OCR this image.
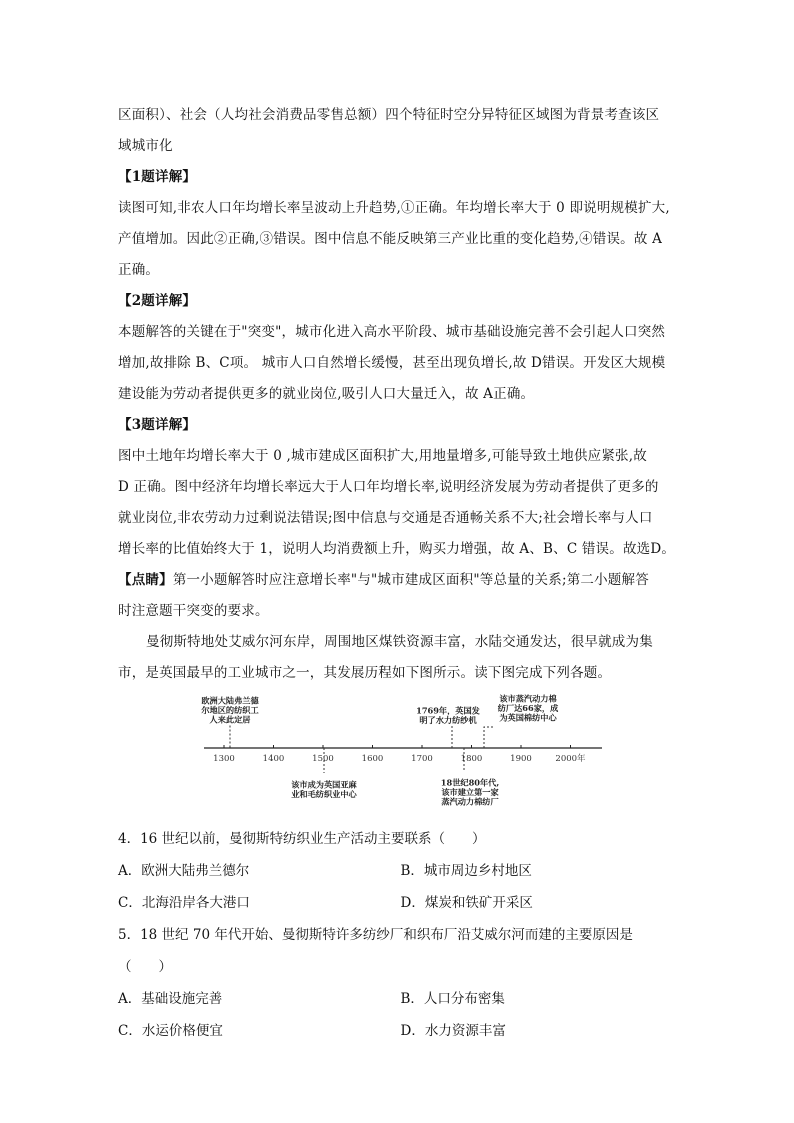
区面积）、社会（人均社会消费品零售总额）四个特征时空分异特征区域图为背景考查该区
域城市化
【1题详解】
读图可知,非农人口年均增长率呈波动上升趋势,①正确。年均增长率大于 0 即说明规模扩大,
产值增加。因此②正确,③错误。图中信息不能反映第三产业比重的变化趋势,④错误。故 A
正确。
【2题详解】
本题解答的关键在于"突变"，城市化进入高水平阶段、城市基础设施完善不会引起人口突然
增加,故排除 B、C项。 城市人口自然增长缓慢，甚至出现负增长,故 D错误。开发区大规模
建设能为劳动者提供更多的就业岗位,吸引人口大量迁入，故 A正确。
【3题详解】
图中土地年均增长率大于 0 ,城市建成区面积扩大,用地量增多,可能导致土地供应紧张,故
D 正确。图中经济年均增长率远大于人口年均增长率,说明经济发展为劳动者提供了更多的
就业岗位,非农劳动力过剩说法错误;图中信息与交通是否通畅关系不大;社会增长率与人口
增长率的比值始终大于 1，说明人均消费额上升，购买力增强，故 A、B、C 错误。故选D。
【点睛】第一小题解答时应注意增长率"与"城市建成区面积"等总量的关系;第二小题解答
时注意题干突变的要求。
曼彻斯特地处艾威尔河东岸，周围地区煤铁资源丰富，水陆交通发达，很早就成为集
市，是英国最早的工业城市之一，其发展历程如下图所示。读下图完成下列各题。
1300	1400	1500	1600	1700	1800	1900	2000年
欧洲大陆弗兰德
尔地区的纺织工
人来此定居
该市成为英国亚麻
业和毛纺织业中心
1769年，英国发
明了水力纺纱机
18世纪80年代,
该市建立第一家
蒸汽动力棉纺厂
该市蒸汽动力棉
纺厂达66家，成
为英国棉纺中心
4．16 世纪以前，曼彻斯特纺织业生产活动主要联系（　　）
A．欧洲大陆弗兰德尔	B．城市周边乡村地区
C．北海沿岸各大港口	D．煤炭和铁矿开采区
5．18 世纪 70 年代开始、曼彻斯特许多纺纱厂和织布厂沿艾威尔河而建的主要原因是
（　　）
A．基础设施完善	B．人口分布密集
C．水运价格便宜	D．水力资源丰富
